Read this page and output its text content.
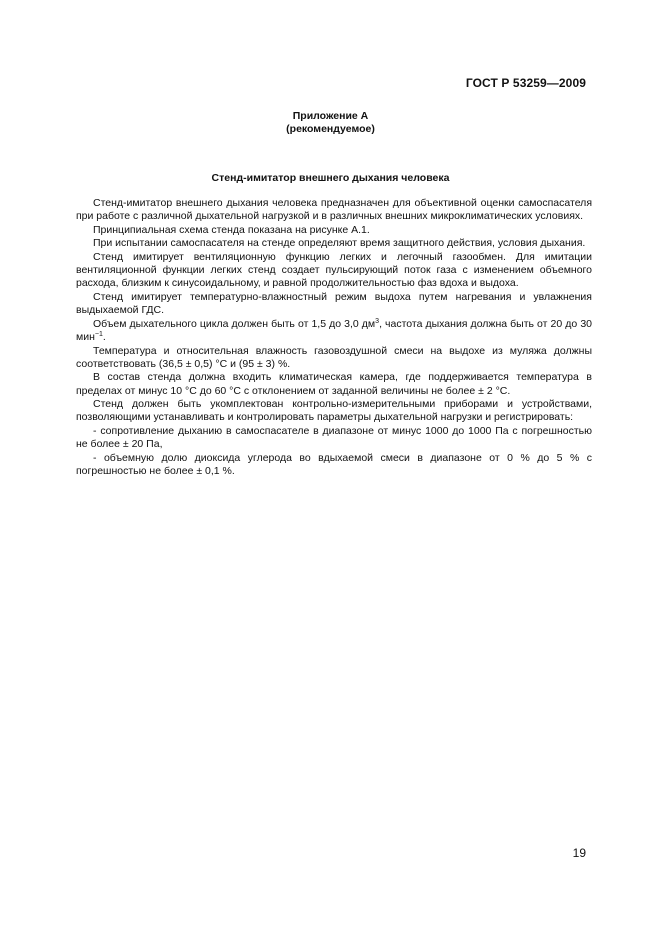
ГОСТ Р 53259—2009
Приложение А
(рекомендуемое)
Стенд-имитатор внешнего дыхания человека

Стенд-имитатор внешнего дыхания человека предназначен для объективной оценки самоспасателя при работе с различной дыхательной нагрузкой и в различных внешних микроклиматических условиях.

Принципиальная схема стенда показана на рисунке А.1.

При испытании самоспасателя на стенде определяют время защитного действия, условия дыхания.

Стенд имитирует вентиляционную функцию легких и легочный газообмен. Для имитации вентиляционной функции легких стенд создает пульсирующий поток газа с изменением объемного расхода, близким к синусоидальному, и равной продолжительностью фаз вдоха и выдоха.

Стенд имитирует температурно-влажностный режим выдоха путем нагревания и увлажнения выдыхаемой ГДС.

Объем дыхательного цикла должен быть от 1,5 до 3,0 $дм^3$, частота дыхания должна быть от 20 до 30 мин$^{-1}$.

Температура и относительная влажность газовоздушной смеси на выдохе из муляжа должны соответствовать (36,5 ± 0,5) °С и (95 ± 3) %.

В состав стенда должна входить климатическая камера, где поддерживается температура в пределах от минус 10 °С до 60 °С с отклонением от заданной величины не более ± 2 °С.

Стенд должен быть укомплектован контрольно-измерительными приборами и устройствами, позволяющими устанавливать и контролировать параметры дыхательной нагрузки и регистрировать:

- сопротивление дыханию в самоспасателе в диапазоне от минус 1000 до 1000 Па с погрешностью не более ± 20 Па,

- объемную долю диоксида углерода во вдыхаемой смеси в диапазоне от 0 % до 5 % с погрешностью не более ± 0,1 %.

19
